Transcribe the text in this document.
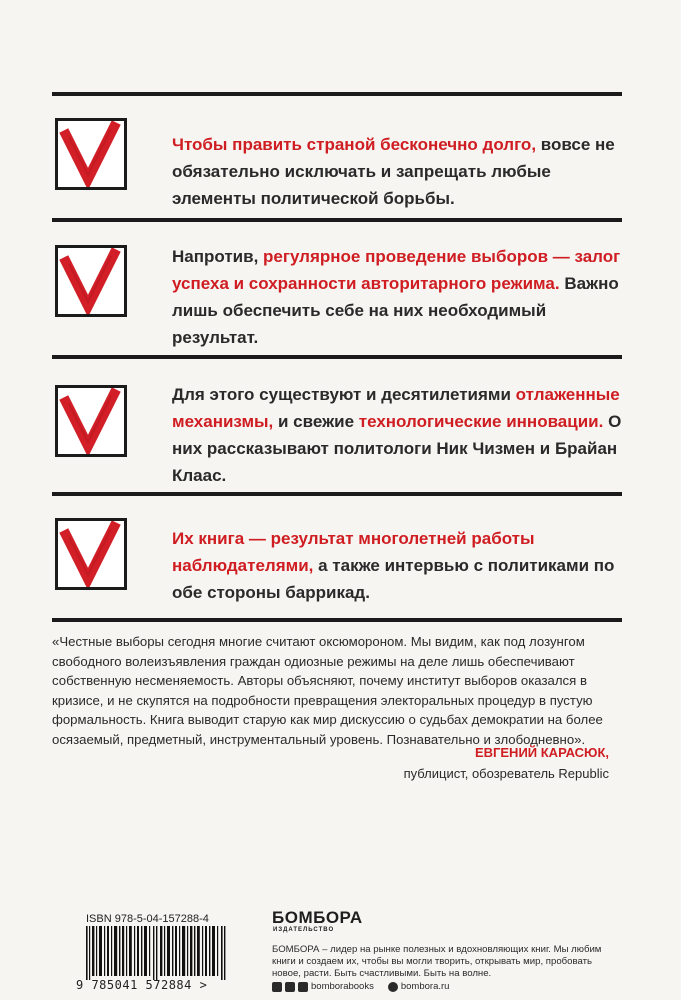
Чтобы править страной бесконечно долго, вовсе не обязательно исключать и запрещать любые элементы политической борьбы.
Напротив, регулярное проведение выборов — залог успеха и сохранности авторитарного режима. Важно лишь обеспечить себе на них необходимый результат.
Для этого существуют и десятилетиями отлаженные механизмы, и свежие технологические инновации. О них рассказывают политологи Ник Чизмен и Брайан Клаас.
Их книга — результат многолетней работы наблюдателями, а также интервью с политиками по обе стороны баррикад.
«Честные выборы сегодня многие считают оксюмороном. Мы видим, как под лозунгом свободного волеизъявления граждан одиозные режимы на деле лишь обеспечивают собственную несменяемость. Авторы объясняют, почему институт выборов оказался в кризисе, и не скупятся на подробности превращения электоральных процедур в пустую формальность. Книга выводит старую как мир дискуссию о судьбах демократии на более осязаемый, предметный, инструментальный уровень. Познавательно и злободневно».
ЕВГЕНИЙ КАРАСЮК,
публицист, обозреватель Republic
ISBN 978-5-04-157288-4
9 785041 572884 >
БОМБОРА
ИЗДАТЕЛЬСТВО
БОМБОРА – лидер на рынке полезных и вдохновляющих книг. Мы любим книги и создаем их, чтобы вы могли творить, открывать мир, пробовать новое, расти. Быть счастливыми. Быть на волне.
bomborabooks	bombora.ru
